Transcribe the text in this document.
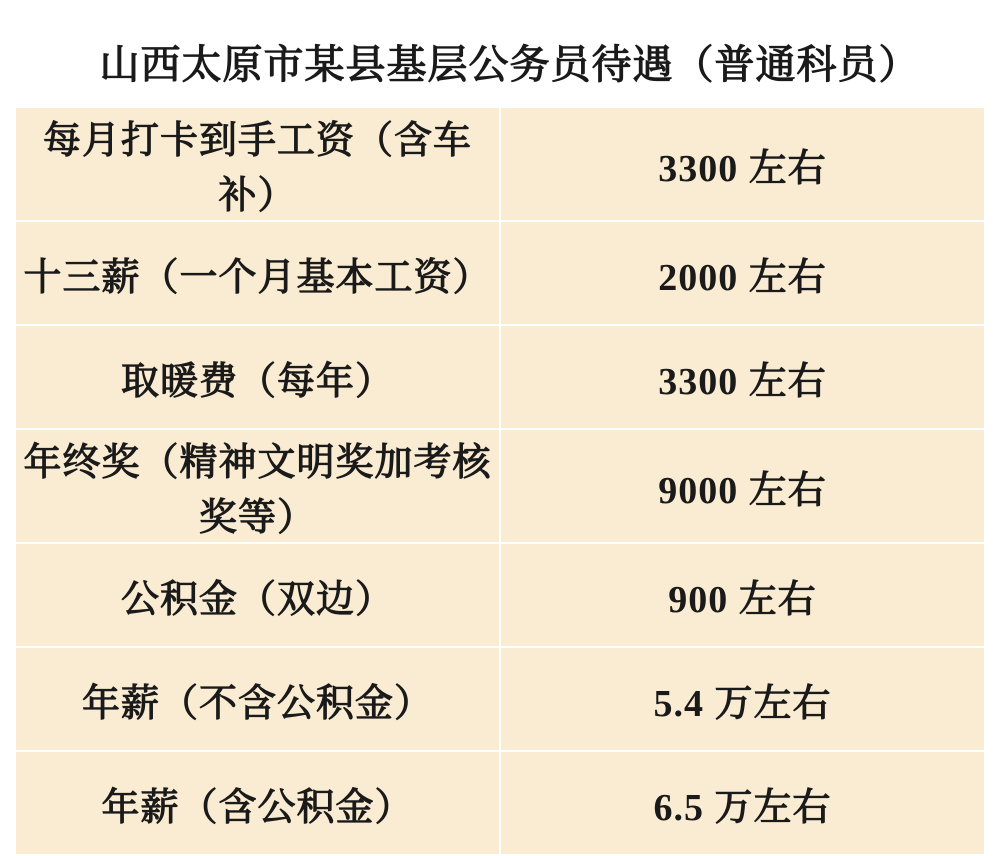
山西太原市某县基层公务员待遇（普通科员）	
每月打卡到手工资（含车补）	3300 左右
十三薪（一个月基本工资）	2000 左右
取暖费（每年）	3300 左右
年终奖（精神文明奖加考核奖等）	9000 左右
公积金（双边）	900 左右
年薪（不含公积金）	5.4 万左右
年薪（含公积金）	6.5 万左右
